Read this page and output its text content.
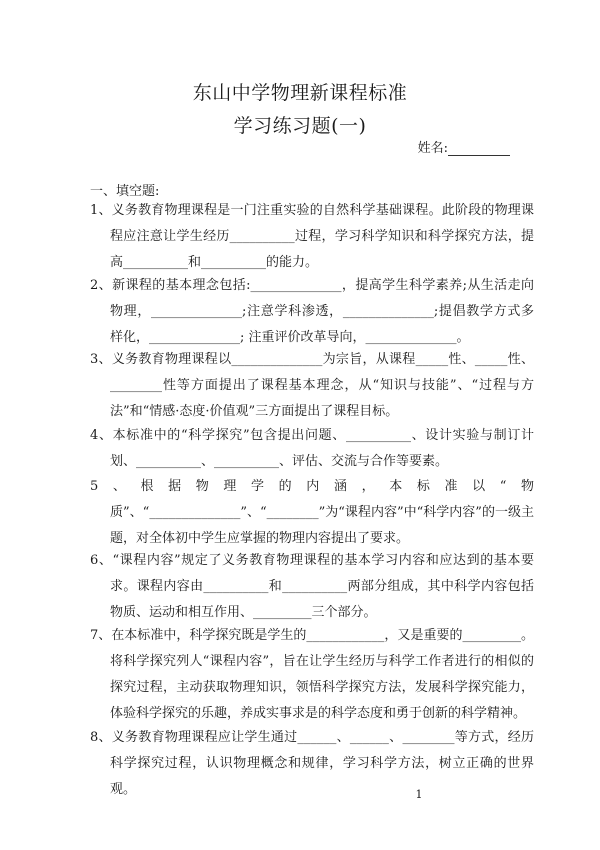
东山中学物理新课程标准
学习练习题(一)
姓名:
一、填空题:
1、义务教育物理课程是一门注重实验的自然科学基础课程。此阶段的物理课程应注意让学生经历__________过程，学习科学知识和科学探究方法，提高__________和__________的能力。
2、新课程的基本理念包括:______________，提高学生科学素养;从生活走向物理，______________;注意学科渗透，______________;提倡教学方式多样化，______________; 注重评价改革导向，______________。
3、义务教育物理课程以______________为宗旨，从课程_____性、_____性、________性等方面提出了课程基本理念，从“知识与技能”、“过程与方法”和“情感·态度·价值观”三方面提出了课程目标。
4、本标准中的“科学探究”包含提出问题、__________、设计实验与制订计划、__________、__________、评估、交流与合作等要素。
5、根据物理学的内涵，本标准以“物质”、“______________”、“________”为“课程内容”中“科学内容”的一级主题，对全体初中学生应掌握的物理内容提出了要求。
6、“课程内容”规定了义务教育物理课程的基本学习内容和应达到的基本要求。课程内容由__________和__________两部分组成，其中科学内容包括物质、运动和相互作用、_________三个部分。
7、在本标准中，科学探究既是学生的____________，又是重要的_________。将科学探究列人“课程内容”，旨在让学生经历与科学工作者进行的相似的探究过程，主动获取物理知识，领悟科学探究方法，发展科学探究能力，体验科学探究的乐趣，养成实事求是的科学态度和勇于创新的科学精神。
8、义务教育物理课程应让学生通过______、______、________等方式，经历科学探究过程，认识物理概念和规律，学习科学方法，树立正确的世界观。	1
